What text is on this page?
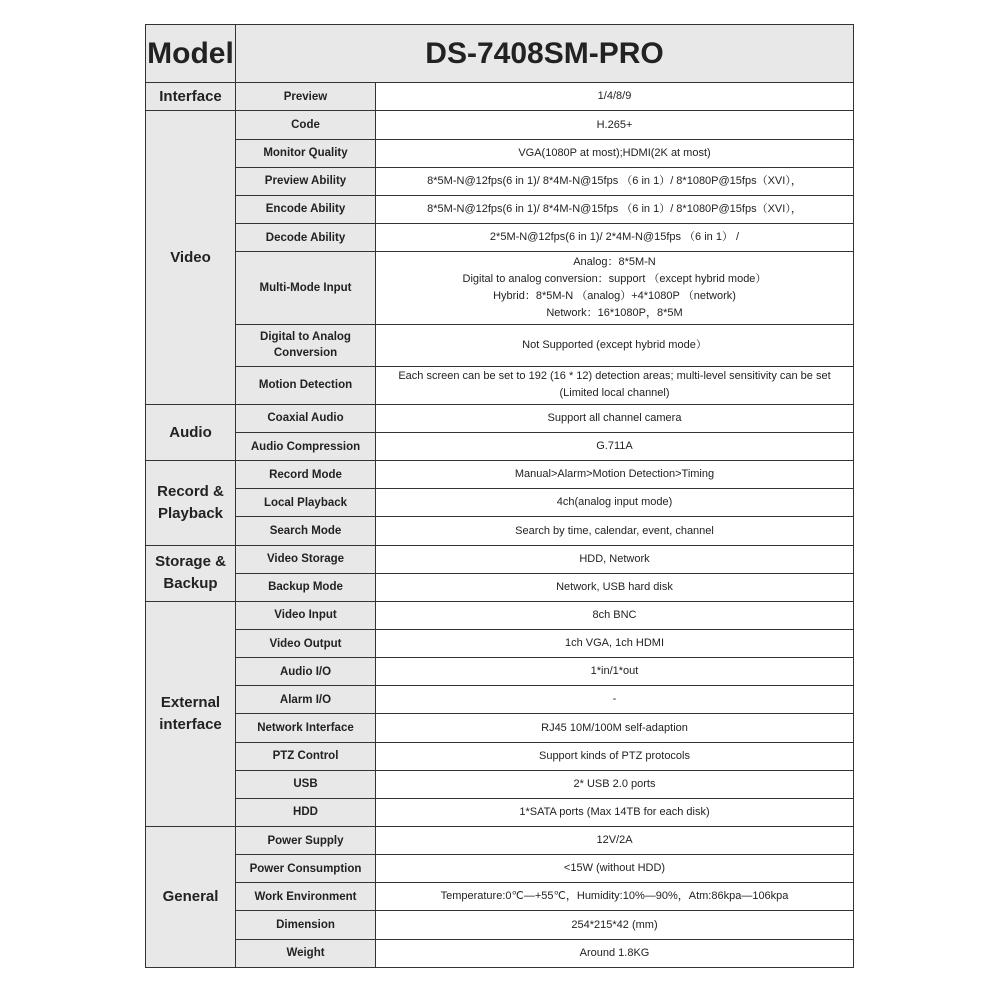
Model	DS-7408SM-PRO	

Interface	Preview	1/4/8/9

Video	Code	H.265+

	Monitor Quality	VGA(1080P at most);HDMI(2K at most)

	Preview Ability	8*5M-N@12fps(6 in 1)/ 8*4M-N@15fps （6 in 1）/ 8*1080P@15fps（XVI），

	Encode Ability	8*5M-N@12fps(6 in 1)/ 8*4M-N@15fps （6 in 1）/ 8*1080P@15fps（XVI），

	Decode Ability	2*5M-N@12fps(6 in 1)/ 2*4M-N@15fps （6 in 1） /

	Multi-Mode Input	Analog：8*5M-N
Digital to analog conversion：support （except hybrid mode）
Hybrid：8*5M-N （analog）+4*1080P （network)
Network：16*1080P，8*5M

	Digital to Analog
Conversion	Not Supported (except hybrid mode）

	Motion Detection	Each screen can be set to 192 (16 * 12) detection areas; multi-level sensitivity can be set
(Limited local channel)

Audio	Coaxial Audio	Support all channel camera

	Audio Compression	G.711A

Record &
Playback	Record Mode	Manual>Alarm>Motion Detection>Timing

	Local Playback	4ch(analog input mode)

	Search Mode	Search by time, calendar, event, channel

Storage &
Backup	Video Storage	HDD, Network

	Backup Mode	Network, USB hard disk

External
interface	Video Input	8ch BNC

	Video Output	1ch VGA, 1ch HDMI

	Audio I/O	1*in/1*out

	Alarm I/O	-

	Network Interface	RJ45 10M/100M self-adaption

	PTZ Control	Support kinds of PTZ protocols

	USB	2* USB 2.0 ports

	HDD	1*SATA ports (Max 14TB for each disk)

General	Power Supply	12V/2A

	Power Consumption	<15W (without HDD)

	Work Environment	Temperature:0℃—+55℃，Humidity:10%—90%，Atm:86kpa—106kpa

	Dimension	254*215*42 (mm)

	Weight	Around 1.8KG
